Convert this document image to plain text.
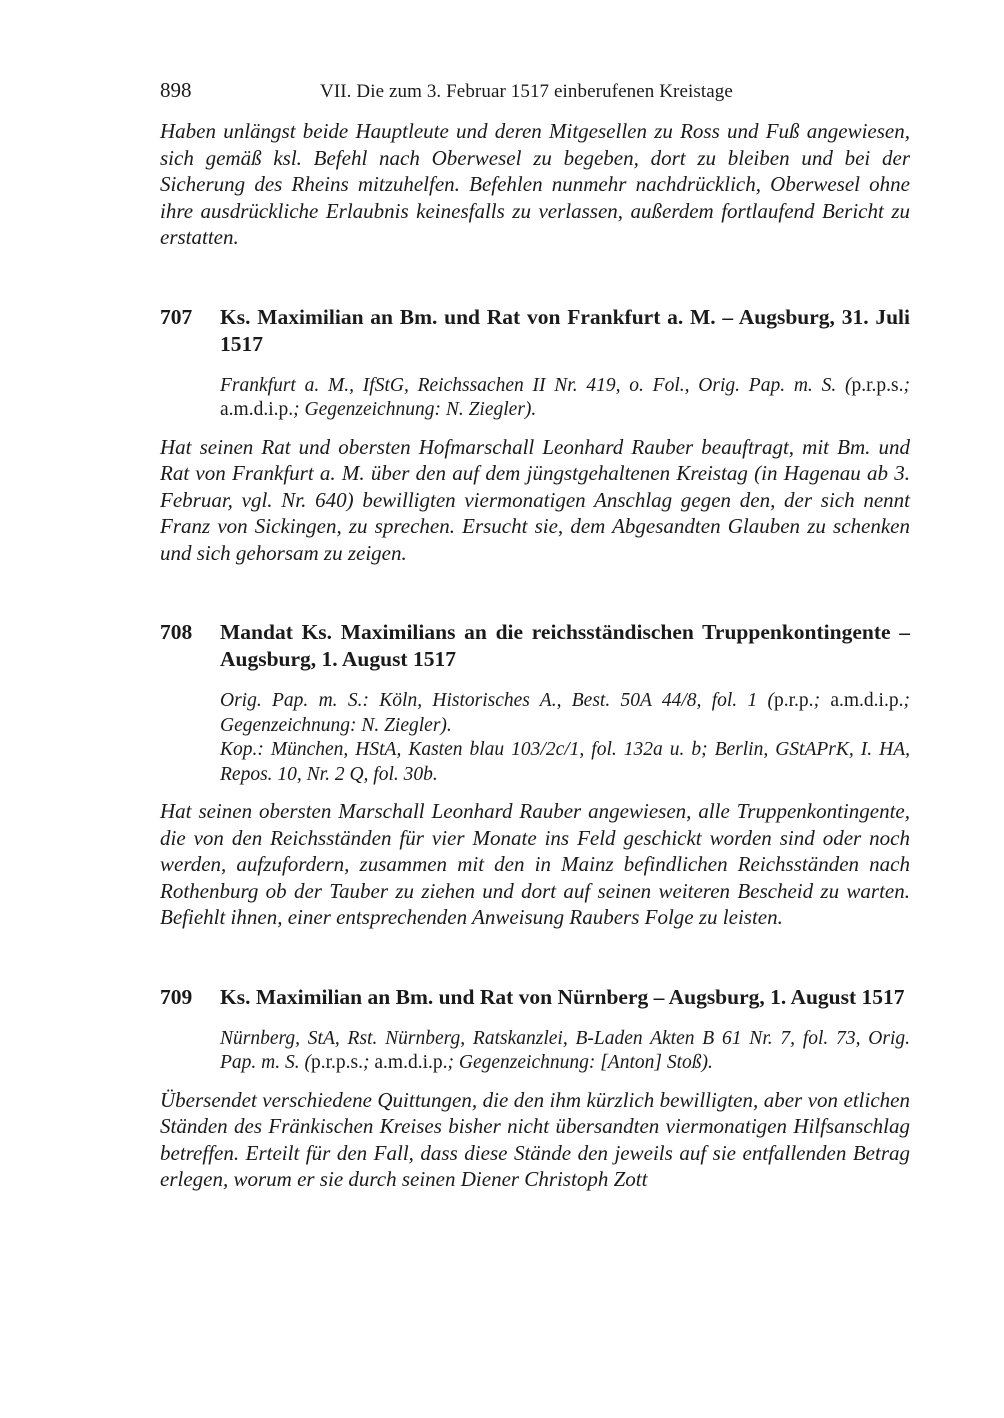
898	VII. Die zum 3. Februar 1517 einberufenen Kreistage

Haben unlängst beide Hauptleute und deren Mitgesellen zu Ross und Fuß angewiesen, sich gemäß ksl. Befehl nach Oberwesel zu begeben, dort zu bleiben und bei der Sicherung des Rheins mitzuhelfen. Befehlen nunmehr nachdrücklich, Oberwesel ohne ihre ausdrückliche Erlaubnis keinesfalls zu verlassen, außerdem fortlaufend Bericht zu erstatten.

707	Ks. Maximilian an Bm. und Rat von Frankfurt a. M. – Augsburg, 31. Juli 1517
Frankfurt a. M., IfStG, Reichssachen II Nr. 419, o. Fol., Orig. Pap. m. S. (p.r.p.s.; a.m.d.i.p.; Gegenzeichnung: N. Ziegler).

Hat seinen Rat und obersten Hofmarschall Leonhard Rauber beauftragt, mit Bm. und Rat von Frankfurt a. M. über den auf dem jüngstgehaltenen Kreistag (in Hagenau ab 3. Februar, vgl. Nr. 640) bewilligten viermonatigen Anschlag gegen den, der sich nennt Franz von Sickingen, zu sprechen. Ersucht sie, dem Abgesandten Glauben zu schenken und sich gehorsam zu zeigen.

708	Mandat Ks. Maximilians an die reichsständischen Truppenkontingente – Augsburg, 1. August 1517
Orig. Pap. m. S.: Köln, Historisches A., Best. 50A 44/8, fol. 1 (p.r.p.; a.m.d.i.p.; Gegenzeichnung: N. Ziegler).
Kop.: München, HStA, Kasten blau 103/2c/1, fol. 132a u. b; Berlin, GStAPrK, I. HA, Repos. 10, Nr. 2 Q, fol. 30b.

Hat seinen obersten Marschall Leonhard Rauber angewiesen, alle Truppenkontingente, die von den Reichsständen für vier Monate ins Feld geschickt worden sind oder noch werden, aufzufordern, zusammen mit den in Mainz befindlichen Reichsständen nach Rothenburg ob der Tauber zu ziehen und dort auf seinen weiteren Bescheid zu warten. Befiehlt ihnen, einer entsprechenden Anweisung Raubers Folge zu leisten.

709	Ks. Maximilian an Bm. und Rat von Nürnberg – Augsburg, 1. August 1517
Nürnberg, StA, Rst. Nürnberg, Ratskanzlei, B-Laden Akten B 61 Nr. 7, fol. 73, Orig. Pap. m. S. (p.r.p.s.; a.m.d.i.p.; Gegenzeichnung: [Anton] Stoß).

Übersendet verschiedene Quittungen, die den ihm kürzlich bewilligten, aber von etlichen Ständen des Fränkischen Kreises bisher nicht übersandten viermonatigen Hilfsanschlag betreffen. Erteilt für den Fall, dass diese Stände den jeweils auf sie entfallenden Betrag erlegen, worum er sie durch seinen Diener Christoph Zott
